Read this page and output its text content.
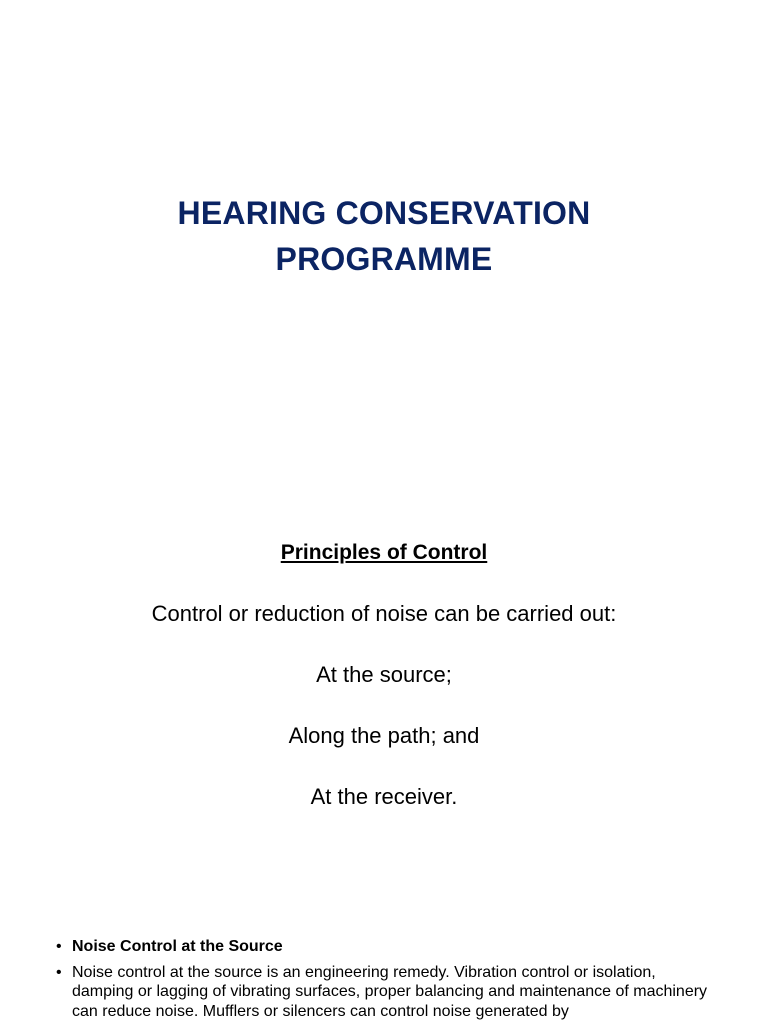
HEARING CONSERVATION
PROGRAMME
Principles of Control
Control or reduction of noise can be carried out:
At the source;
Along the path; and
At the receiver.
• Noise Control at the Source
• Noise control at the source is an engineering remedy. Vibration control or isolation, damping or lagging of vibrating surfaces, proper balancing and maintenance of machinery can reduce noise. Mufflers or silencers can control noise generated by
